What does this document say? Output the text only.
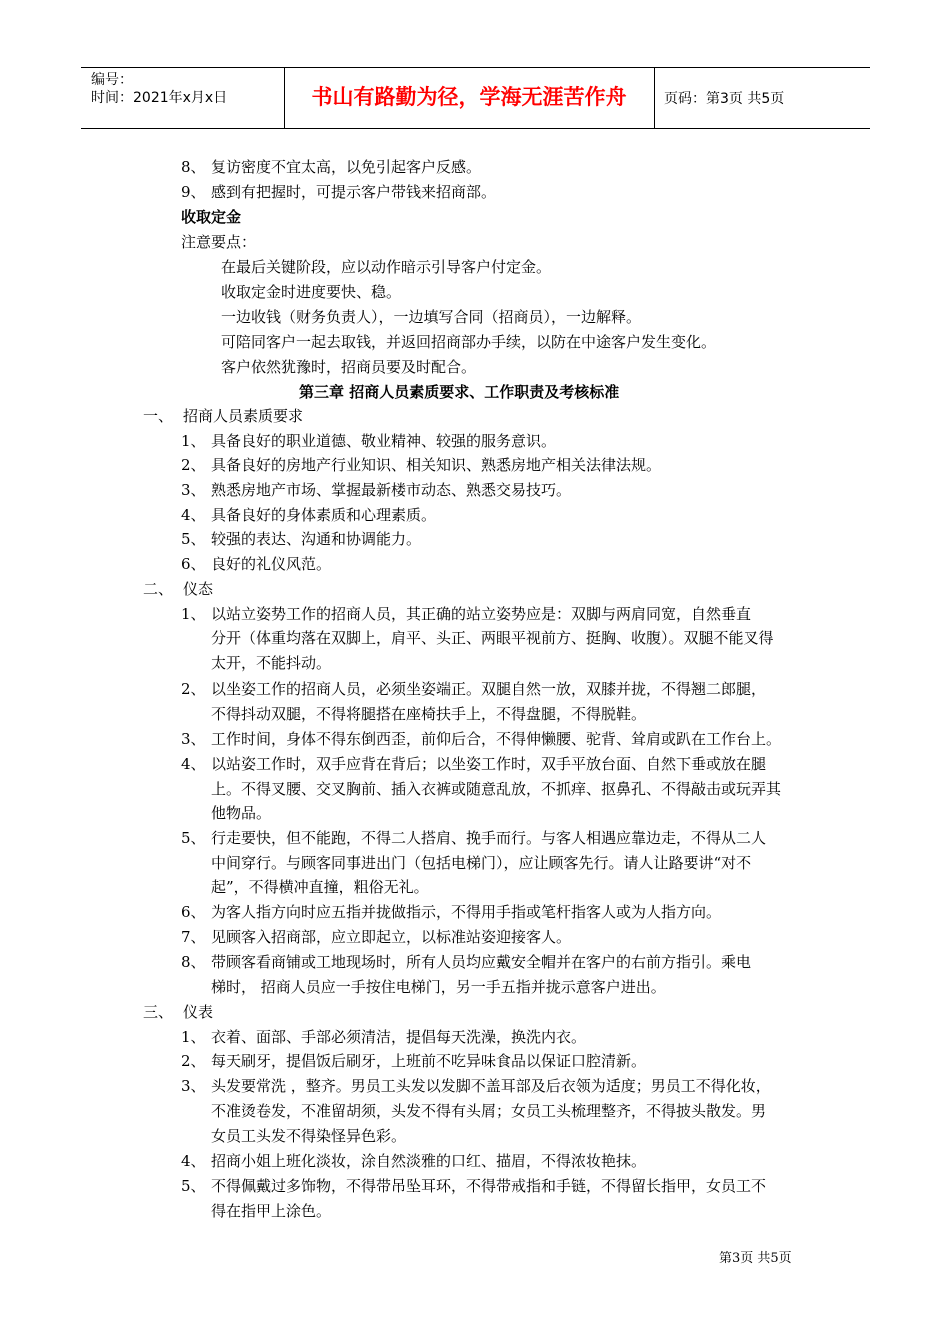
编号：
时间：2021年x月x日	书山有路勤为径，学海无涯苦作舟	页码：第3页 共5页
8、 复访密度不宜太高，以免引起客户反感。
9、 感到有把握时，可提示客户带钱来招商部。
收取定金
注意要点：
在最后关键阶段，应以动作暗示引导客户付定金。
收取定金时进度要快、稳。
一边收钱（财务负责人），一边填写合同（招商员），一边解释。
可陪同客户一起去取钱，并返回招商部办手续，以防在中途客户发生变化。
客户依然犹豫时，招商员要及时配合。
第三章 招商人员素质要求、工作职责及考核标准
一、 招商人员素质要求
1、 具备良好的职业道德、敬业精神、较强的服务意识。
2、 具备良好的房地产行业知识、相关知识、熟悉房地产相关法律法规。
3、 熟悉房地产市场、掌握最新楼市动态、熟悉交易技巧。
4、 具备良好的身体素质和心理素质。
5、 较强的表达、沟通和协调能力。
6、 良好的礼仪风范。
二、 仪态
1、 以站立姿势工作的招商人员，其正确的站立姿势应是：双脚与两肩同宽，自然垂直
分开（体重均落在双脚上，肩平、头正、两眼平视前方、挺胸、收腹）。双腿不能叉得
太开，不能抖动。
2、 以坐姿工作的招商人员，必须坐姿端正。双腿自然一放，双膝并拢，不得翘二郎腿，
不得抖动双腿，不得将腿搭在座椅扶手上，不得盘腿，不得脱鞋。
3、 工作时间，身体不得东倒西歪，前仰后合，不得伸懒腰、驼背、耸肩或趴在工作台上。
4、 以站姿工作时，双手应背在背后；以坐姿工作时，双手平放台面、自然下垂或放在腿
上。不得叉腰、交叉胸前、插入衣裤或随意乱放，不抓痒、抠鼻孔、不得敲击或玩弄其
他物品。
5、 行走要快，但不能跑，不得二人搭肩、挽手而行。与客人相遇应靠边走，不得从二人
中间穿行。与顾客同事进出门（包括电梯门），应让顾客先行。请人让路要讲“对不
起”，不得横冲直撞，粗俗无礼。
6、 为客人指方向时应五指并拢做指示，不得用手指或笔杆指客人或为人指方向。
7、 见顾客入招商部，应立即起立，以标准站姿迎接客人。
8、 带顾客看商铺或工地现场时，所有人员均应戴安全帽并在客户的右前方指引。乘电
梯时， 招商人员应一手按住电梯门，另一手五指并拢示意客户进出。
三、 仪表
1、 衣着、面部、手部必须清洁，提倡每天洗澡，换洗内衣。
2、 每天刷牙，提倡饭后刷牙，上班前不吃异味食品以保证口腔清新。
3、 头发要常洗 ，整齐。男员工头发以发脚不盖耳部及后衣领为适度；男员工不得化妆，
不准烫卷发，不准留胡须，头发不得有头屑；女员工头梳理整齐，不得披头散发。男
女员工头发不得染怪异色彩。
4、 招商小姐上班化淡妆，涂自然淡雅的口红、描眉，不得浓妆艳抹。
5、 不得佩戴过多饰物，不得带吊坠耳环，不得带戒指和手链，不得留长指甲，女员工不
得在指甲上涂色。
第3页 共5页
